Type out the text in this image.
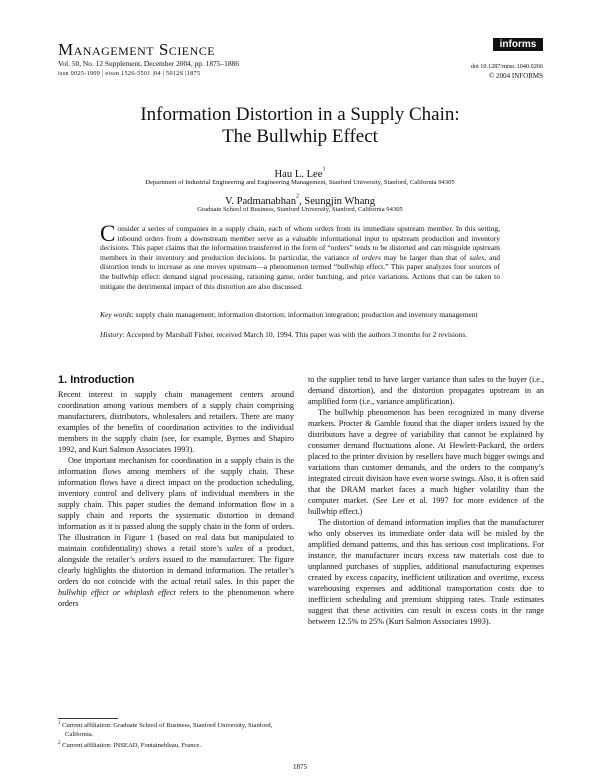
Management Science
Vol. 50, No. 12 Supplement, December 2004, pp. 1875–1886
issn 0025-1909 | eissn 1526-5501 |04 | 5012S |1875
informs
doi 10.1287/mnsc.1040.0266
© 2004 INFORMS
Information Distortion in a Supply Chain:
The Bullwhip Effect
Hau L. Lee$^1$
Department of Industrial Engineering and Engineering Management, Stanford University, Stanford, California 94305
V. Padmanabhan$^2$, Seungjin Whang
Graduate School of Business, Stanford University, Stanford, California 94305
Consider a series of companies in a supply chain, each of whom orders from its immediate upstream member. In this setting, inbound orders from a downstream member serve as a valuable informational input to upstream production and inventory decisions. This paper claims that the information transferred in the form of “orders” tends to be distorted and can misguide upstream members in their inventory and production decisions. In particular, the variance of orders may be larger than that of sales, and distortion tends to increase as one moves upstream—a phenomenon termed “bullwhip effect.” This paper analyzes four sources of the bullwhip effect: demand signal processing, rationing game, order batching, and price variations. Actions that can be taken to mitigate the detrimental impact of this distortion are also discussed.
Key words: supply chain management; information distortion; information integration; production and inventory management
History: Accepted by Marshall Fisher, received March 10, 1994. This paper was with the authors 3 months for 2 revisions.
1. Introduction

Recent interest in supply chain management centers around coordination among various members of a supply chain comprising manufacturers, distributors, wholesalers and retailers. There are many examples of the benefits of coordination activities to the individual members in the supply chain (see, for example, Byrnes and Shapiro 1992, and Kurt Salmon Associates 1993).

One important mechanism for coordination in a supply chain is the information flows among members of the supply chain. These information flows have a direct impact on the production scheduling, inventory control and delivery plans of individual members in the supply chain. This paper studies the demand information flow in a supply chain and reports the systematic distortion in demand information as it is passed along the supply chain in the form of orders. The illustration in Figure 1 (based on real data but manipulated to maintain confidentiality) shows a retail store’s sales of a product, alongside the retailer’s orders issued to the manufacturer. The figure clearly highlights the distortion in demand information. The retailer’s orders do not coincide with the actual retail sales. In this paper the bullwhip effect or whiplash effect refers to the phenomenon where orders

to the supplier tend to have larger variance than sales to the buyer (i.e., demand distortion), and the distortion propagates upstream in an amplified form (i.e., variance amplification).

The bullwhip phenomenon has been recognized in many diverse markets. Procter & Gamble found that the diaper orders issued by the distributors have a degree of variability that cannot be explained by consumer demand fluctuations alone. At Hewlett-Packard, the orders placed to the printer division by resellers have much bigger swings and variations than customer demands, and the orders to the company’s integrated circuit division have even worse swings. Also, it is often said that the DRAM market faces a much higher volatility than the computer market. (See Lee et al. 1997 for more evidence of the bullwhip effect.)

The distortion of demand information implies that the manufacturer who only observes its immediate order data will be misled by the amplified demand patterns, and this has serious cost implications. For instance, the manufacturer incurs excess raw materials cost due to unplanned purchases of supplies, additional manufacturing expenses created by excess capacity, inefficient utilization and overtime, excess warehousing expenses and additional transportation costs due to inefficient scheduling and premium shipping rates. Trade estimates suggest that these activities can result in excess costs in the range between 12.5% to 25% (Kurt Salmon Associates 1993).

$^1$ Current affiliation: Graduate School of Business, Stanford University, Stanford, California.
$^2$ Current affiliation: INSEAD, Fontainebleau, France.
1875
